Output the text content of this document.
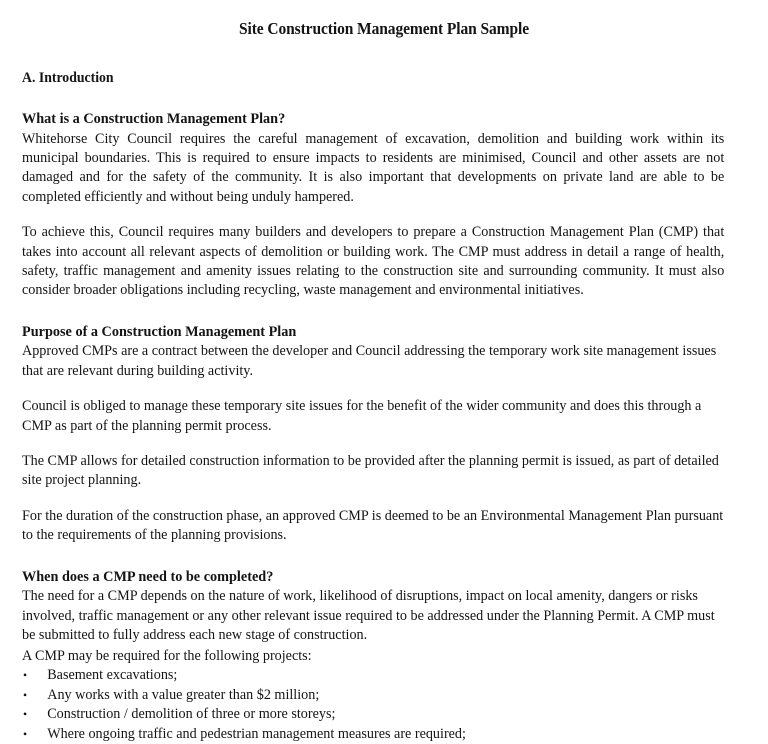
Site Construction Management Plan Sample
A. Introduction
What is a Construction Management Plan?

Whitehorse City Council requires the careful management of excavation, demolition and building work within its municipal boundaries. This is required to ensure impacts to residents are minimised, Council and other assets are not damaged and for the safety of the community. It is also important that developments on private land are able to be completed efficiently and without being unduly hampered.

To achieve this, Council requires many builders and developers to prepare a Construction Management Plan (CMP) that takes into account all relevant aspects of demolition or building work. The CMP must address in detail a range of health, safety, traffic management and amenity issues relating to the construction site and surrounding community. It must also consider broader obligations including recycling, waste management and environmental initiatives.

Purpose of a Construction Management Plan

Approved CMPs are a contract between the developer and Council addressing the temporary work site management issues that are relevant during building activity.

Council is obliged to manage these temporary site issues for the benefit of the wider community and does this through a CMP as part of the planning permit process.

The CMP allows for detailed construction information to be provided after the planning permit is issued, as part of detailed site project planning.

For the duration of the construction phase, an approved CMP is deemed to be an Environmental Management Plan pursuant to the requirements of the planning provisions.

When does a CMP need to be completed?

The need for a CMP depends on the nature of work, likelihood of disruptions, impact on local amenity, dangers or risks involved, traffic management or any other relevant issue required to be addressed under the Planning Permit. A CMP must be submitted to fully address each new stage of construction.

A CMP may be required for the following projects:

• Basement excavations;
• Any works with a value greater than $2 million;
• Construction / demolition of three or more storeys;
• Where ongoing traffic and pedestrian management measures are required;
